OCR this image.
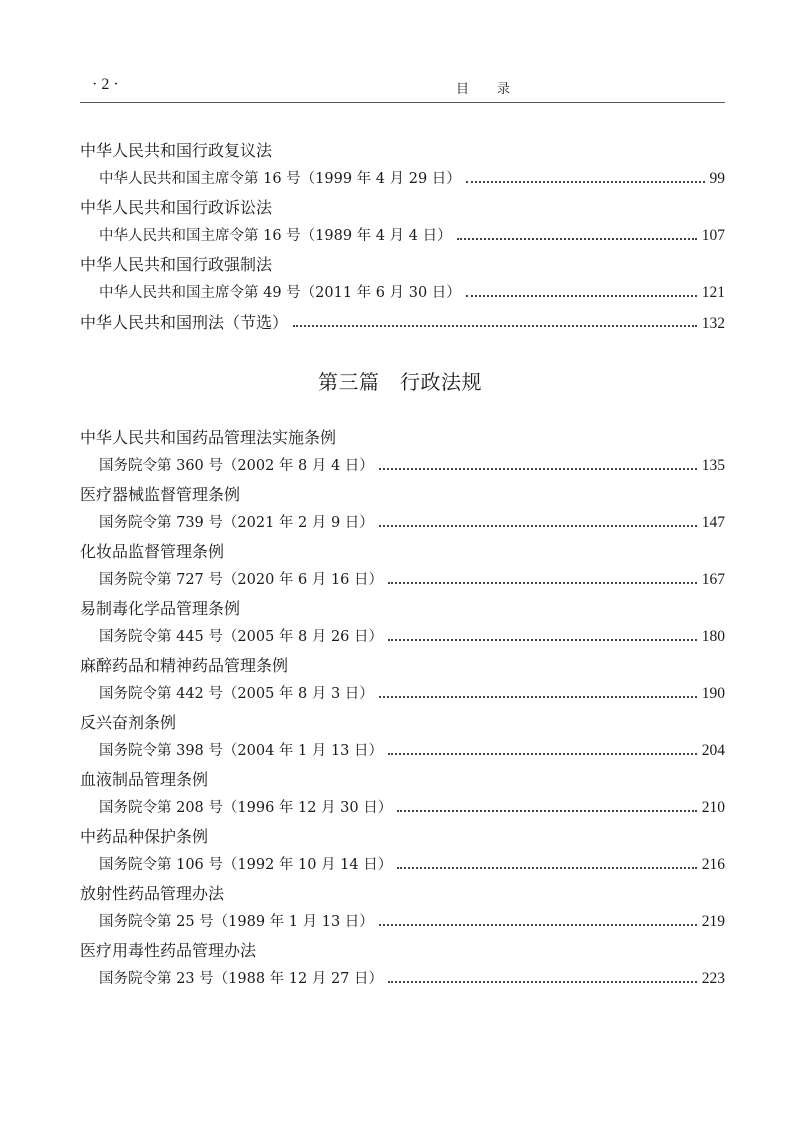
· 2 ·	目录
中华人民共和国行政复议法
中华人民共和国主席令第 16 号（1999 年 4 月 29 日）	99
中华人民共和国行政诉讼法
中华人民共和国主席令第 16 号（1989 年 4 月 4 日）	107
中华人民共和国行政强制法
中华人民共和国主席令第 49 号（2011 年 6 月 30 日）	121
中华人民共和国刑法（节选）	132
第三篇　行政法规
中华人民共和国药品管理法实施条例
国务院令第 360 号（2002 年 8 月 4 日）	135
医疗器械监督管理条例
国务院令第 739 号（2021 年 2 月 9 日）	147
化妆品监督管理条例
国务院令第 727 号（2020 年 6 月 16 日）	167
易制毒化学品管理条例
国务院令第 445 号（2005 年 8 月 26 日）	180
麻醉药品和精神药品管理条例
国务院令第 442 号（2005 年 8 月 3 日）	190
反兴奋剂条例
国务院令第 398 号（2004 年 1 月 13 日）	204
血液制品管理条例
国务院令第 208 号（1996 年 12 月 30 日）	210
中药品种保护条例
国务院令第 106 号（1992 年 10 月 14 日）	216
放射性药品管理办法
国务院令第 25 号（1989 年 1 月 13 日）	219
医疗用毒性药品管理办法
国务院令第 23 号（1988 年 12 月 27 日）	223
